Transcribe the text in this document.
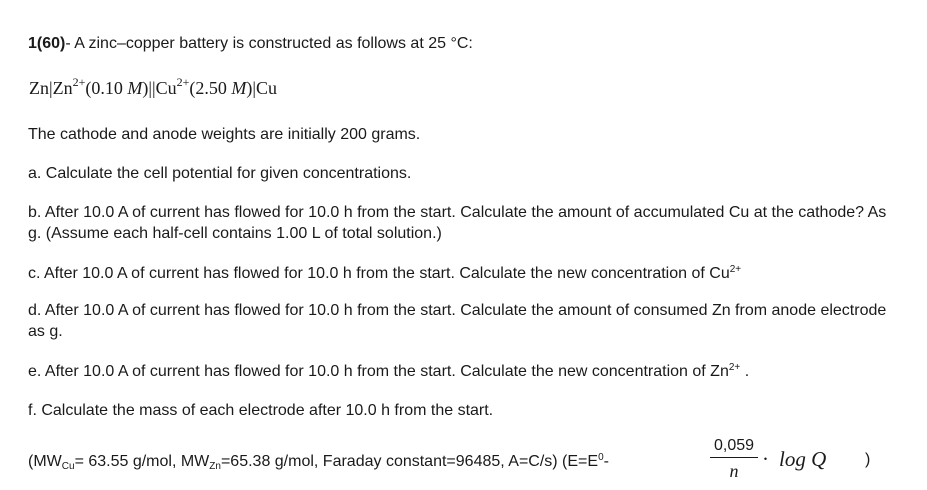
1(60)- A zinc–copper battery is constructed as follows at 25 °C:
$Zn|Zn^{2+}(0.10$ $M)||Cu^{2+}(2.50$ M)|Cu
The cathode and anode weights are initially 200 grams.
a. Calculate the cell potential for given concentrations.
b. After 10.0 A of current has flowed for 10.0 h from the start. Calculate the amount of accumulated Cu at the cathode? As g. (Assume each half-cell contains 1.00 L of total solution.)
c. After 10.0 A of current has flowed for 10.0 h from the start. Calculate the new concentration of $Cu^{2+}$
d. After 10.0 A of current has flowed for 10.0 h from the start. Calculate the amount of consumed Zn from anode electrode as g.
e. After 10.0 A of current has flowed for 10.0 h from the start. Calculate the new concentration of $Zn^{2+}$ .
f. Calculate the mass of each electrode after 10.0 h from the start.
($MW_{Cu}= 63.55$ g/mol, $MW_{Zn}=65.38$ g/mol, Faraday constant=96485, A=C/s) ($E=E^0-$
0,059
n	· log Q )
